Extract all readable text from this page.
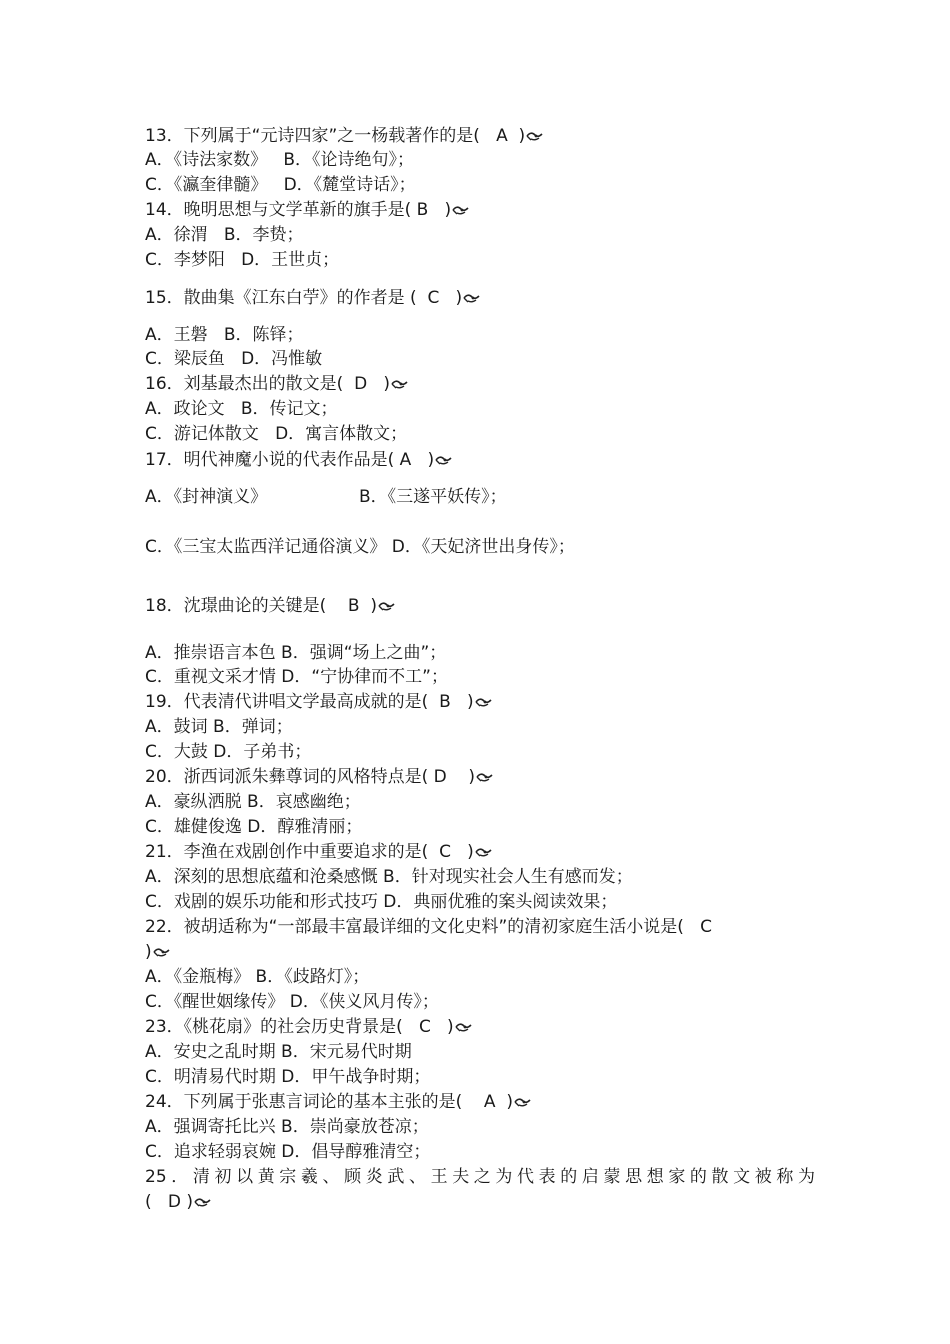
13．下列属于“元诗四家”之一杨载著作的是(   A  )
A．《诗法家数》   B．《论诗绝句》；
C．《瀛奎律髓》   D．《麓堂诗话》；
14．晚明思想与文学革新的旗手是( B   )
A．徐渭   B．李贽；
C．李梦阳   D．王世贞；
15．散曲集《江东白苧》的作者是 (  C   )
A．王磐   B．陈铎；
C．梁辰鱼   D．冯惟敏
16．刘基最杰出的散文是(  D   )
A．政论文   B．传记文；
C．游记体散文   D．寓言体散文；
17．明代神魔小说的代表作品是( A   )
A．《封神演义》                 B．《三遂平妖传》；
C．《三宝太监西洋记通俗演义》 D．《天妃济世出身传》；
18．沈璟曲论的关键是(    B  )
A．推崇语言本色 B．强调“场上之曲”；
C．重视文采才情 D．“宁协律而不工”；
19．代表清代讲唱文学最高成就的是(  B   )
A．鼓词 B．弹词；
C．大鼓 D．子弟书；
20．浙西词派朱彝尊词的风格特点是( D    )
A．豪纵洒脱 B．哀感幽绝；
C．雄健俊逸 D．醇雅清丽；
21．李渔在戏剧创作中重要追求的是(  C   )
A．深刻的思想底蕴和沧桑感慨 B．针对现实社会人生有感而发；
C．戏剧的娱乐功能和形式技巧 D．典丽优雅的案头阅读效果；
22．被胡适称为“一部最丰富最详细的文化史料”的清初家庭生活小说是(   C
)
A．《金瓶梅》 B．《歧路灯》；
C．《醒世姻缘传》 D．《侠义风月传》；
23．《桃花扇》的社会历史背景是(   C   )
A．安史之乱时期 B．宋元易代时期
C．明清易代时期 D．甲午战争时期；
24．下列属于张惠言词论的基本主张的是(    A  )
A．强调寄托比兴 B．崇尚豪放苍凉；
C．追求轻弱哀婉 D．倡导醇雅清空；
25．清初以黄宗羲、顾炎武、王夫之为代表的启蒙思想家的散文被称为
(   D )
